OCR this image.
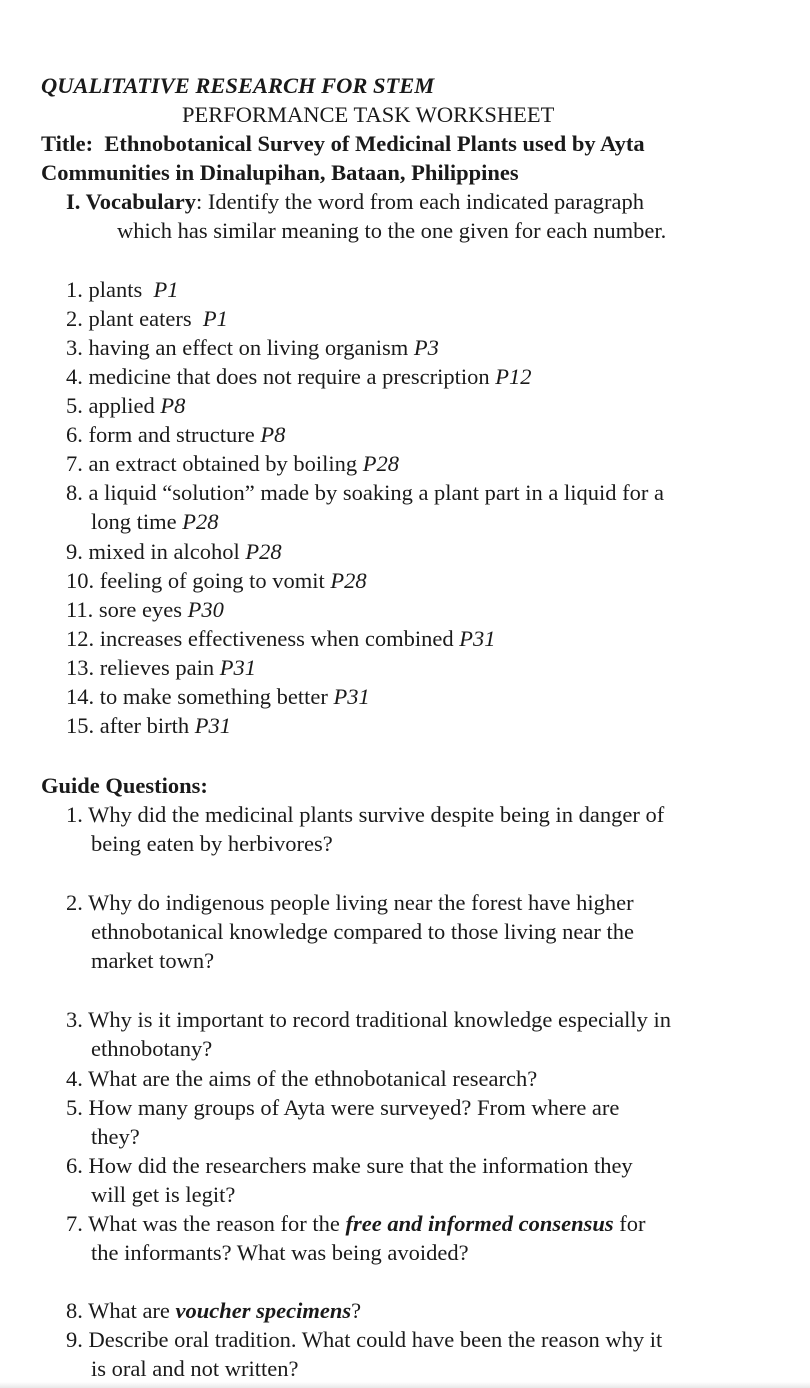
QUALITATIVE RESEARCH FOR STEM
PERFORMANCE TASK WORKSHEET
Title: Ethnobotanical Survey of Medicinal Plants used by Ayta
Communities in Dinalupihan, Bataan, Philippines
I. Vocabulary: Identify the word from each indicated paragraph
which has similar meaning to the one given for each number.
1. plants P1
2. plant eaters P1
3. having an effect on living organism P3
4. medicine that does not require a prescription P12
5. applied P8
6. form and structure P8
7. an extract obtained by boiling P28
8. a liquid “solution” made by soaking a plant part in a liquid for a
long time P28
9. mixed in alcohol P28
10. feeling of going to vomit P28
11. sore eyes P30
12. increases effectiveness when combined P31
13. relieves pain P31
14. to make something better P31
15. after birth P31
Guide Questions:
1. Why did the medicinal plants survive despite being in danger of
being eaten by herbivores?
2. Why do indigenous people living near the forest have higher
ethnobotanical knowledge compared to those living near the
market town?
3. Why is it important to record traditional knowledge especially in
ethnobotany?
4. What are the aims of the ethnobotanical research?
5. How many groups of Ayta were surveyed? From where are
they?
6. How did the researchers make sure that the information they
will get is legit?
7. What was the reason for the free and informed consensus for
the informants? What was being avoided?
8. What are voucher specimens?
9. Describe oral tradition. What could have been the reason why it
is oral and not written?
